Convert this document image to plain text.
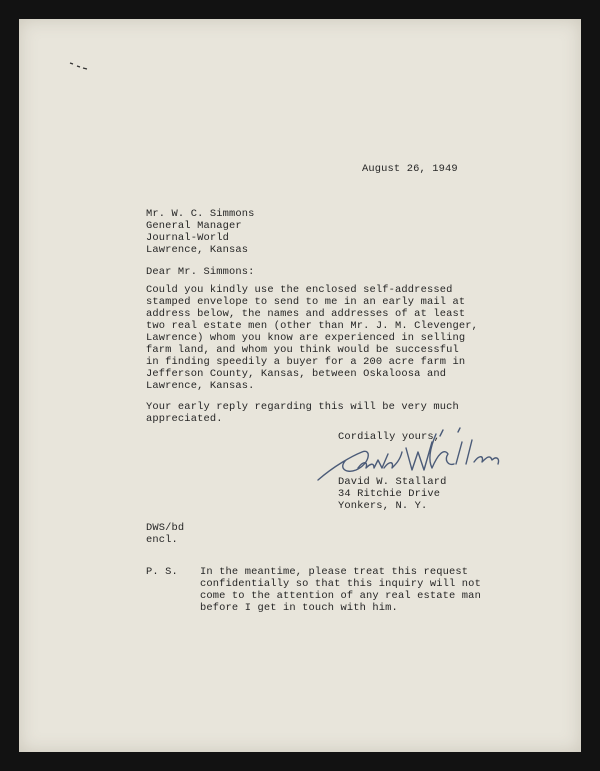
August 26, 1949
Mr. W. C. Simmons
General Manager
Journal-World
Lawrence, Kansas
Dear Mr. Simmons:
Could you kindly use the enclosed self-addressed
stamped envelope to send to me in an early mail at
address below, the names and addresses of at least
two real estate men (other than Mr. J. M. Clevenger,
Lawrence) whom you know are experienced in selling
farm land, and whom you think would be successful
in finding speedily a buyer for a 200 acre farm in
Jefferson County, Kansas, between Oskaloosa and
Lawrence, Kansas.
Your early reply regarding this will be very much
appreciated.
Cordially yours,
David W. Stallard
34 Ritchie Drive
Yonkers, N. Y.
DWS/bd
encl.
P. S. In the meantime, please treat this request
confidentially so that this inquiry will not
come to the attention of any real estate man
before I get in touch with him.
